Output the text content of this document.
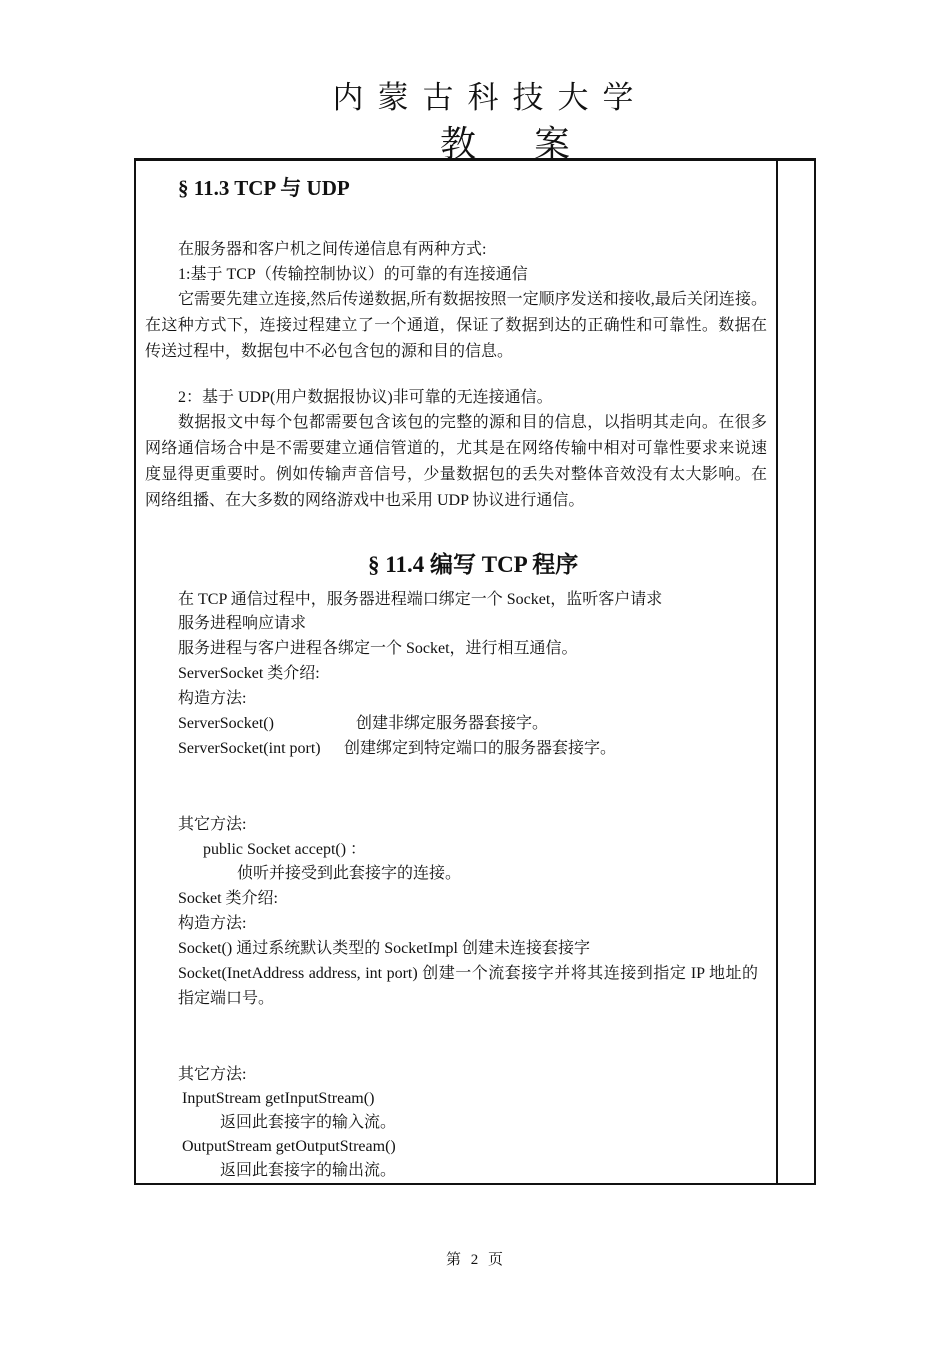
内蒙古科技大学
教案
§ 11.3 TCP 与 UDP
在服务器和客户机之间传递信息有两种方式:
1:基于 TCP（传输控制协议）的可靠的有连接通信
它需要先建立连接,然后传递数据,所有数据按照一定顺序发送和接收,最后关闭连接。在这种方式下，连接过程建立了一个通道，保证了数据到达的正确性和可靠性。数据在传送过程中，数据包中不必包含包的源和目的信息。
2：基于 UDP(用户数据报协议)非可靠的无连接通信。
数据报文中每个包都需要包含该包的完整的源和目的信息，以指明其走向。在很多网络通信场合中是不需要建立通信管道的，尤其是在网络传输中相对可靠性要求来说速度显得更重要时。例如传输声音信号，少量数据包的丢失对整体音效没有太大影响。在网络组播、在大多数的网络游戏中也采用 UDP 协议进行通信。
§ 11.4 编写 TCP 程序
在 TCP 通信过程中，服务器进程端口绑定一个 Socket，监听客户请求
服务进程响应请求
服务进程与客户进程各绑定一个 Socket，进行相互通信。
ServerSocket 类介绍:
构造方法:
ServerSocket()	创建非绑定服务器套接字。
ServerSocket(int port) 创建绑定到特定端口的服务器套接字。
其它方法:
public Socket accept() ：
侦听并接受到此套接字的连接。
Socket 类介绍:
构造方法:
Socket() 通过系统默认类型的 SocketImpl 创建未连接套接字
Socket(InetAddress address, int port) 创建一个流套接字并将其连接到指定 IP 地址的指定端口号。
其它方法:
InputStream getInputStream()
返回此套接字的输入流。
OutputStream getOutputStream()
返回此套接字的输出流。
第 2 页
